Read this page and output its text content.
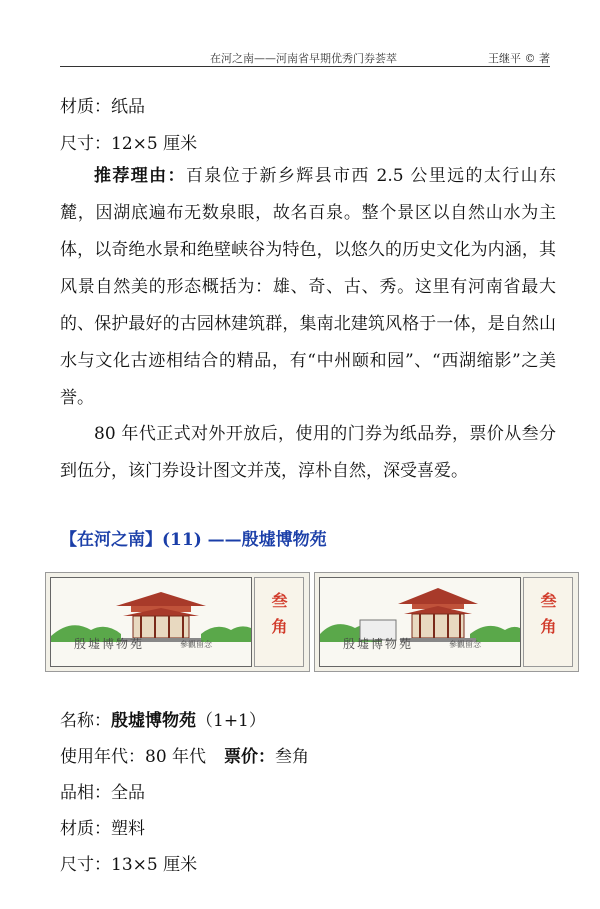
在河之南——河南省早期优秀门券荟萃	王继平 © 著
材质：纸品
尺寸：12×5 厘米
推荐理由：百泉位于新乡辉县市西 2.5 公里远的太行山东麓，因湖底遍布无数泉眼，故名百泉。整个景区以自然山水为主体，以奇绝水景和绝壁峡谷为特色，以悠久的历史文化为内涵，其风景自然美的形态概括为：雄、奇、古、秀。这里有河南省最大的、保护最好的古园林建筑群，集南北建筑风格于一体，是自然山水与文化古迹相结合的精品，有“中州颐和园”、“西湖缩影”之美誉。
80 年代正式对外开放后，使用的门券为纸品券，票价从叁分到伍分，该门券设计图文并茂，淳朴自然，深受喜爱。
【在河之南】(11) ——殷墟博物苑
殷墟博物苑	參觀留念
叁角	殷墟博物苑	參觀留念
叁角
名称：殷墟博物苑（1+1）
使用年代：80 年代 票价：叁角
品相：全品
材质：塑料
尺寸：13×5 厘米
